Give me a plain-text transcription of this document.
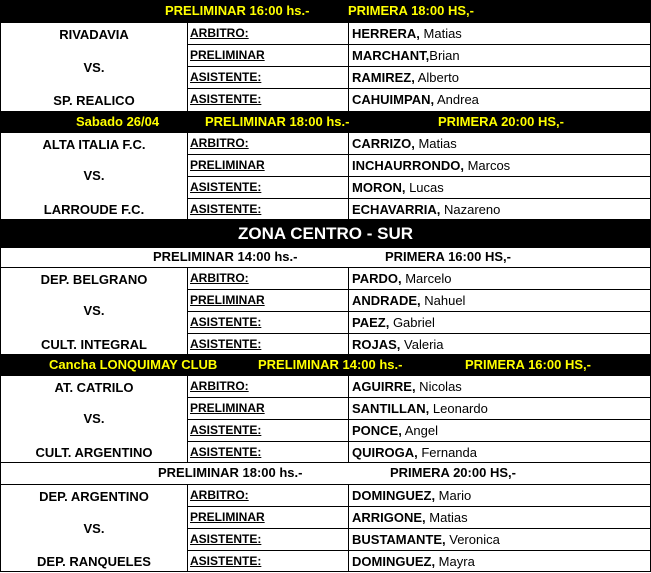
PRELIMINAR 16:00 hs.-	PRIMERA 18:00 HS,-
RIVADAVIA
VS.
SP. REALICO
ARBITRO:	HERRERA, Matias
PRELIMINAR	MARCHANT,Brian
ASISTENTE:	RAMIREZ, Alberto
ASISTENTE:	CAHUIMPAN, Andrea
Sabado 26/04	PRELIMINAR 18:00 hs.-	PRIMERA 20:00 HS,-
ALTA ITALIA F.C.
VS.
LARROUDE F.C.
ARBITRO:	CARRIZO, Matias
PRELIMINAR	INCHAURRONDO, Marcos
ASISTENTE:	MORON, Lucas
ASISTENTE:	ECHAVARRIA, Nazareno
ZONA CENTRO - SUR
PRELIMINAR 14:00 hs.-	PRIMERA 16:00 HS,-
DEP. BELGRANO
VS.
CULT. INTEGRAL
ARBITRO:	PARDO, Marcelo
PRELIMINAR	ANDRADE, Nahuel
ASISTENTE:	PAEZ, Gabriel
ASISTENTE:	ROJAS, Valeria
Cancha LONQUIMAY CLUB	PRELIMINAR 14:00 hs.-	PRIMERA 16:00 HS,-
AT. CATRILO
VS.
CULT. ARGENTINO
ARBITRO:	AGUIRRE, Nicolas
PRELIMINAR	SANTILLAN, Leonardo
ASISTENTE:	PONCE, Angel
ASISTENTE:	QUIROGA, Fernanda
PRELIMINAR 18:00 hs.-	PRIMERA 20:00 HS,-
DEP. ARGENTINO
VS.
DEP. RANQUELES
ARBITRO:	DOMINGUEZ, Mario
PRELIMINAR	ARRIGONE, Matias
ASISTENTE:	BUSTAMANTE, Veronica
ASISTENTE:	DOMINGUEZ, Mayra
